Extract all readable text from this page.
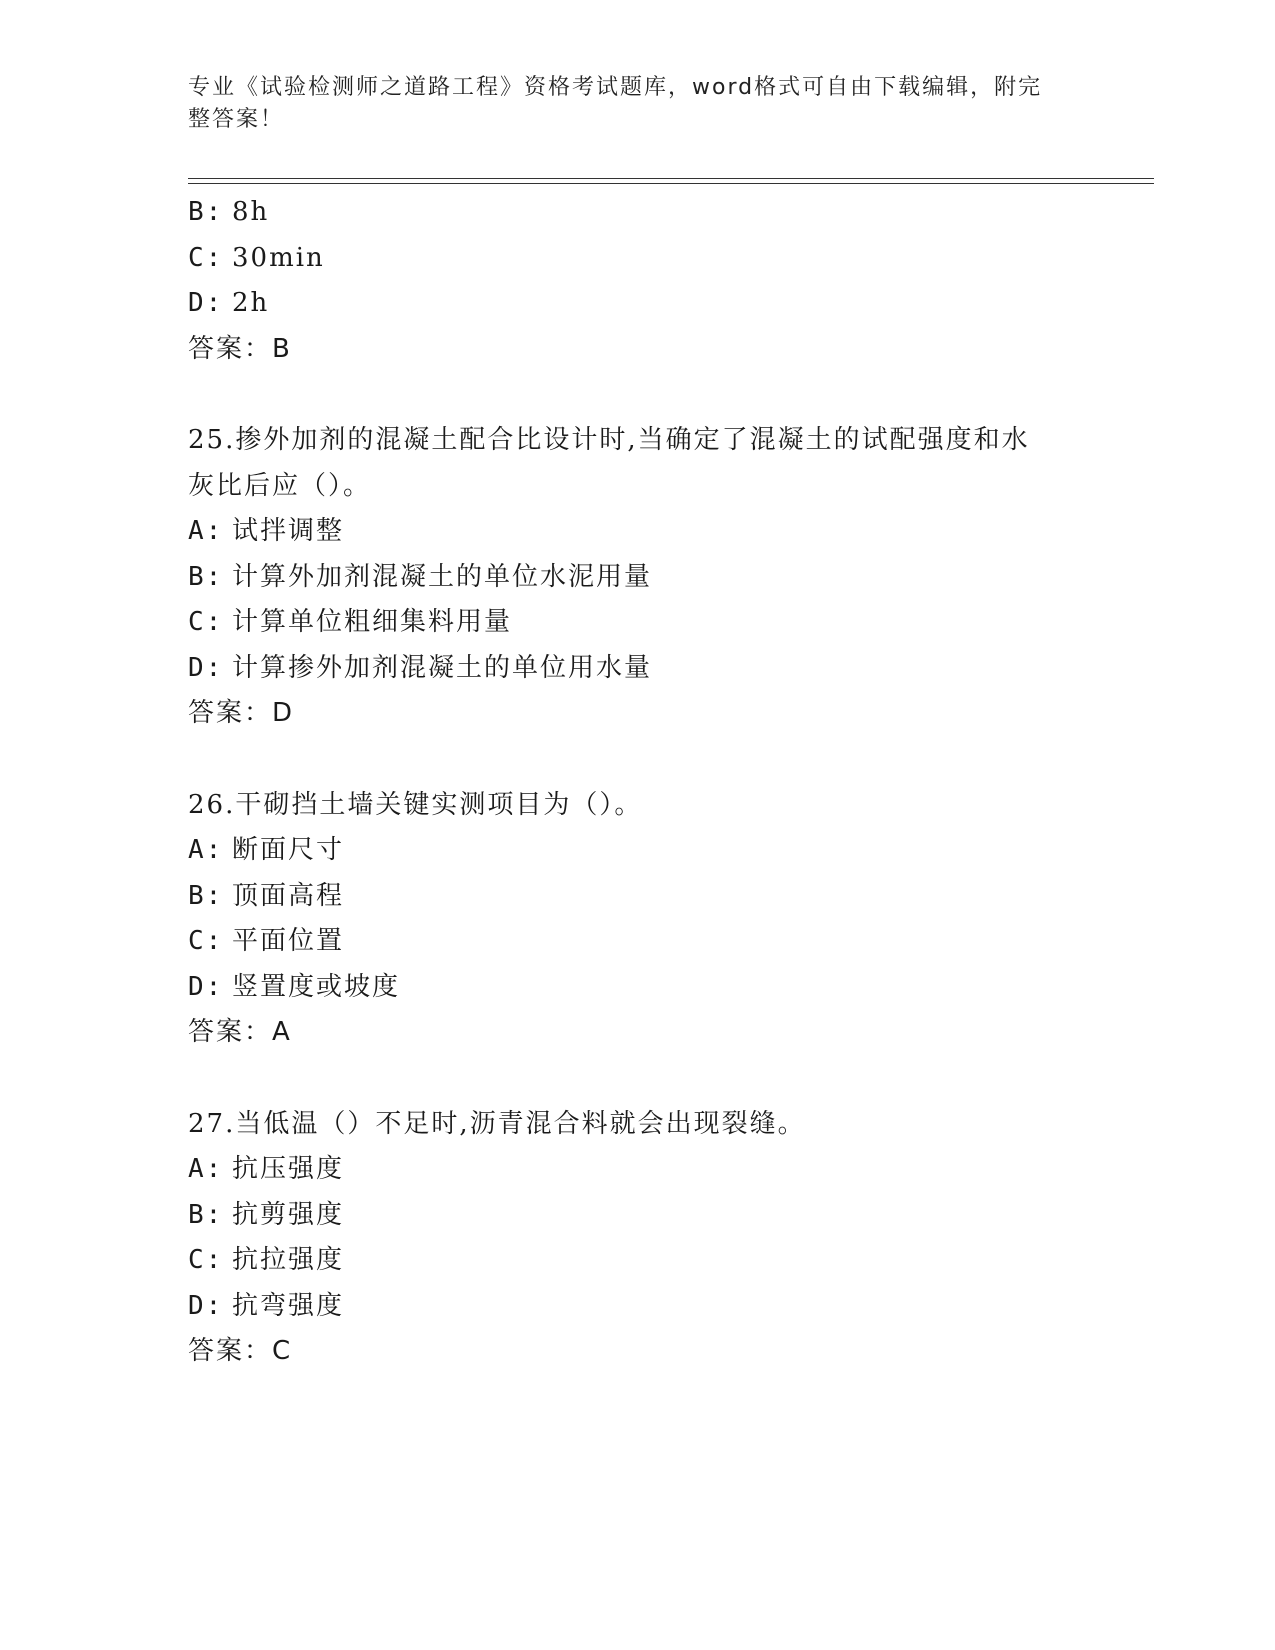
专业《试验检测师之道路工程》资格考试题库，word格式可自由下载编辑，附完
整答案！
B: 8h
C: 30min
D: 2h
答案：B
25.掺外加剂的混凝土配合比设计时,当确定了混凝土的试配强度和水
灰比后应（）。
A: 试拌调整
B: 计算外加剂混凝土的单位水泥用量
C: 计算单位粗细集料用量
D: 计算掺外加剂混凝土的单位用水量
答案：D
26.干砌挡土墙关键实测项目为（）。
A: 断面尺寸
B: 顶面高程
C: 平面位置
D: 竖置度或坡度
答案：A
27.当低温（）不足时,沥青混合料就会出现裂缝。
A: 抗压强度
B: 抗剪强度
C: 抗拉强度
D: 抗弯强度
答案：C
